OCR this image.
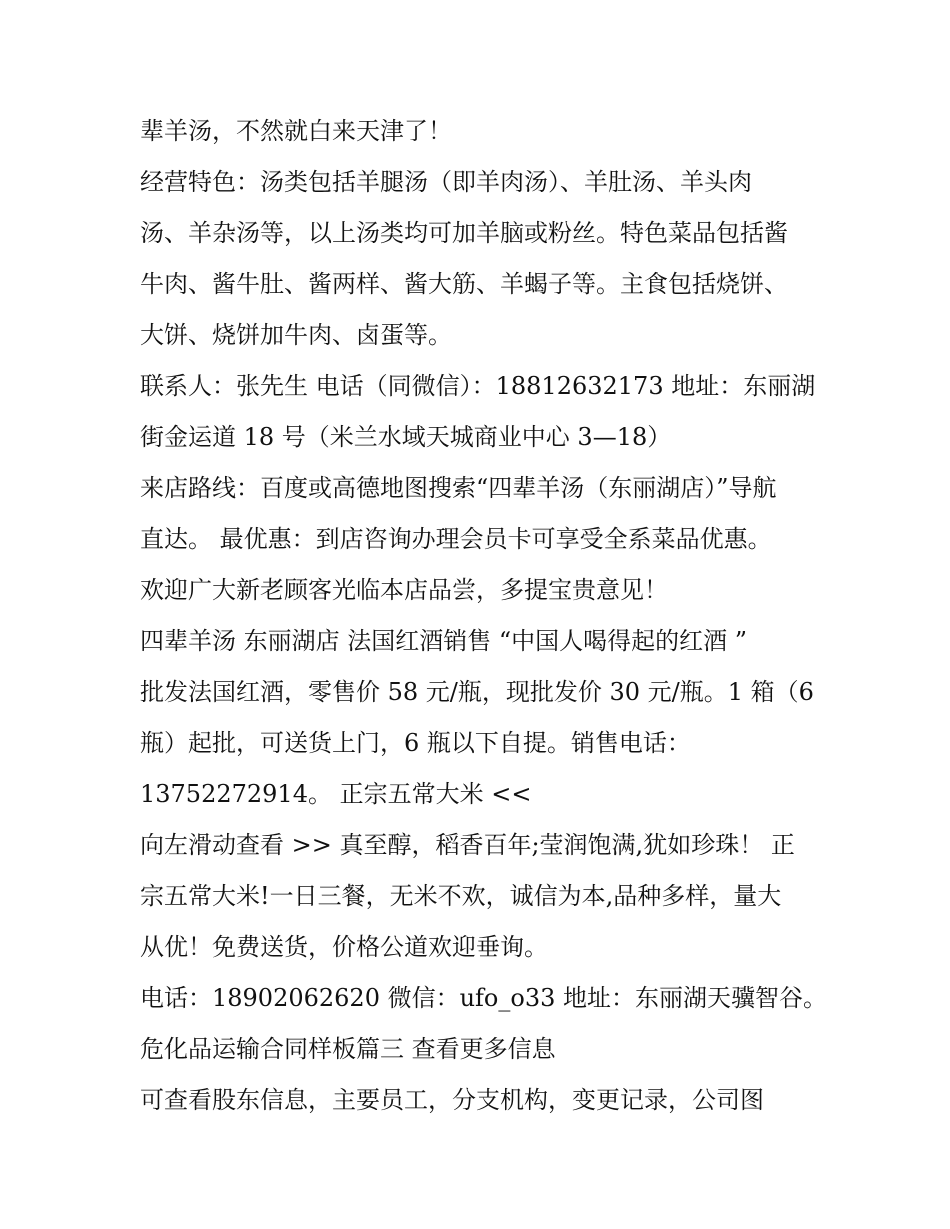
辈羊汤，不然就白来天津了！
经营特色：汤类包括羊腿汤（即羊肉汤）、羊肚汤、羊头肉
汤、羊杂汤等，以上汤类均可加羊脑或粉丝。特色菜品包括酱
牛肉、酱牛肚、酱两样、酱大筋、羊蝎子等。主食包括烧饼、
大饼、烧饼加牛肉、卤蛋等。
联系人：张先生 电话（同微信）：18812632173 地址：东丽湖
街金运道 18 号（米兰水域天城商业中心 3—18）
来店路线：百度或高德地图搜索“四辈羊汤（东丽湖店）”导航
直达。 最优惠：到店咨询办理会员卡可享受全系菜品优惠。
欢迎广大新老顾客光临本店品尝，多提宝贵意见！
四辈羊汤 东丽湖店 法国红酒销售 “中国人喝得起的红酒 ”
批发法国红酒，零售价 58 元/瓶，现批发价 30 元/瓶。1 箱（6
瓶）起批，可送货上门，6 瓶以下自提。销售电话：
13752272914。 正宗五常大米 <<
向左滑动查看 >> 真至醇，稻香百年;莹润饱满,犹如珍珠！ 正
宗五常大米!一日三餐，无米不欢，诚信为本,品种多样，量大
从优！免费送货，价格公道欢迎垂询。
电话：18902062620 微信：ufo_o33 地址：东丽湖天骥智谷。
危化品运输合同样板篇三 查看更多信息
可查看股东信息，主要员工，分支机构，变更记录，公司图
